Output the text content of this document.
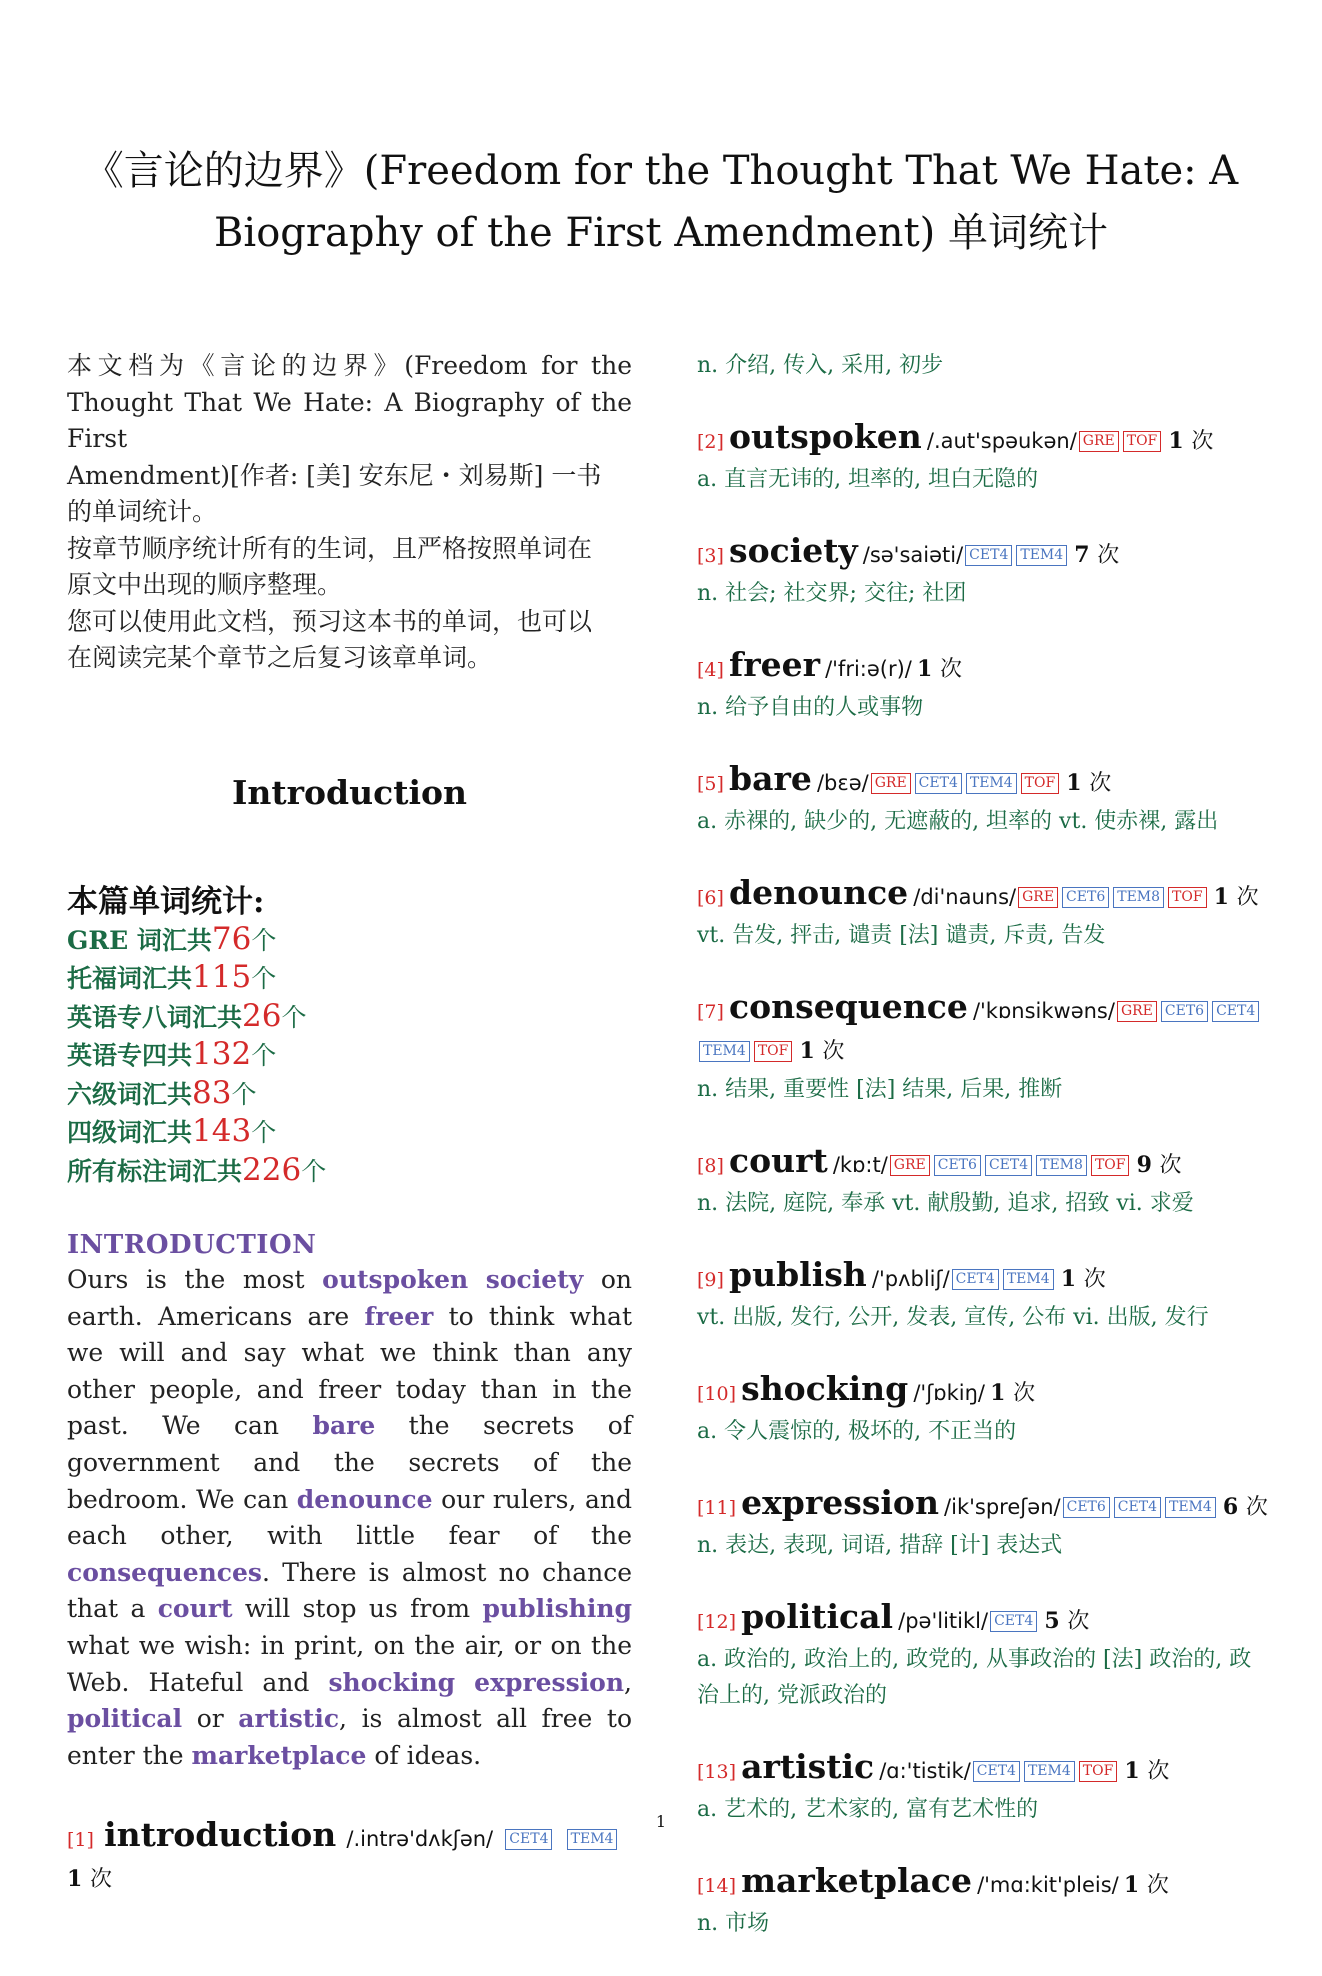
《言论的边界》(Freedom for the Thought That We Hate: A
Biography of the First Amendment) 单词统计

本文档为《言论的边界》(Freedom for the
Thought That We Hate: A Biography of the First
Amendment)[作者: [美] 安东尼・刘易斯] 一书
的单词统计。
按章节顺序统计所有的生词，且严格按照单词在
原文中出现的顺序整理。
您可以使用此文档，预习这本书的单词，也可以
在阅读完某个章节之后复习该章单词。

Introduction
本篇单词统计:
GRE 词汇共76个
托福词汇共115个
英语专八词汇共26个
英语专四共132个
六级词汇共83个
四级词汇共143个
所有标注词汇共226个
INTRODUCTION
Ours is the most outspoken society on earth. Americans are freer to think what we will and say what we think than any other people, and freer today than in the past. We can bare the secrets of government and the secrets of the bedroom. We can denounce our rulers, and each other, with little fear of the consequences. There is almost no chance that a court will stop us from publishing what we wish: in print, on the air, or on the Web. Hateful and shocking expression, political or artistic, is almost all free to enter the marketplace of ideas.
[1] introduction /.intrə'dʌkʃən/ CET4 TEM4
1 次
n. 介绍, 传入, 采用, 初步
[2] outspoken /.aut'spəukən/ GRE TOF 1 次
a. 直言无讳的, 坦率的, 坦白无隐的
[3] society /sə'saiəti/ CET4 TEM4 7 次
n. 社会; 社交界; 交往; 社团
[4] freer /'fri:ə(r)/ 1 次
n. 给予自由的人或事物
[5] bare /bɛə/ GRE CET4 TEM4 TOF 1 次
a. 赤裸的, 缺少的, 无遮蔽的, 坦率的 vt. 使赤裸, 露出
[6] denounce /di'nauns/ GRE CET6 TEM8 TOF 1 次
vt. 告发, 抨击, 谴责 [法] 谴责, 斥责, 告发
[7] consequence /'kɒnsikwəns/ GRE CET6 CET4TEM4 TOF 1 次
n. 结果, 重要性 [法] 结果, 后果, 推断
[8] court /kɒ:t/ GRE CET6 CET4 TEM8 TOF 9 次
n. 法院, 庭院, 奉承 vt. 献殷勤, 追求, 招致 vi. 求爱
[9] publish /'pʌbliʃ/ CET4 TEM4 1 次
vt. 出版, 发行, 公开, 发表, 宣传, 公布 vi. 出版, 发行
[10] shocking /'ʃɒkiŋ/ 1 次
a. 令人震惊的, 极坏的, 不正当的
[11] expression /ik'spreʃən/ CET6 CET4 TEM4 6 次
n. 表达, 表现, 词语, 措辞 [计] 表达式
[12] political /pə'litikl/ CET4 5 次
a. 政治的, 政治上的, 政党的, 从事政治的 [法] 政治的, 政治上的, 党派政治的
[13] artistic /ɑ:'tistik/ CET4 TEM4 TOF 1 次
a. 艺术的, 艺术家的, 富有艺术性的
[14] marketplace /'mɑ:kit'pleis/ 1 次
n. 市场
1
